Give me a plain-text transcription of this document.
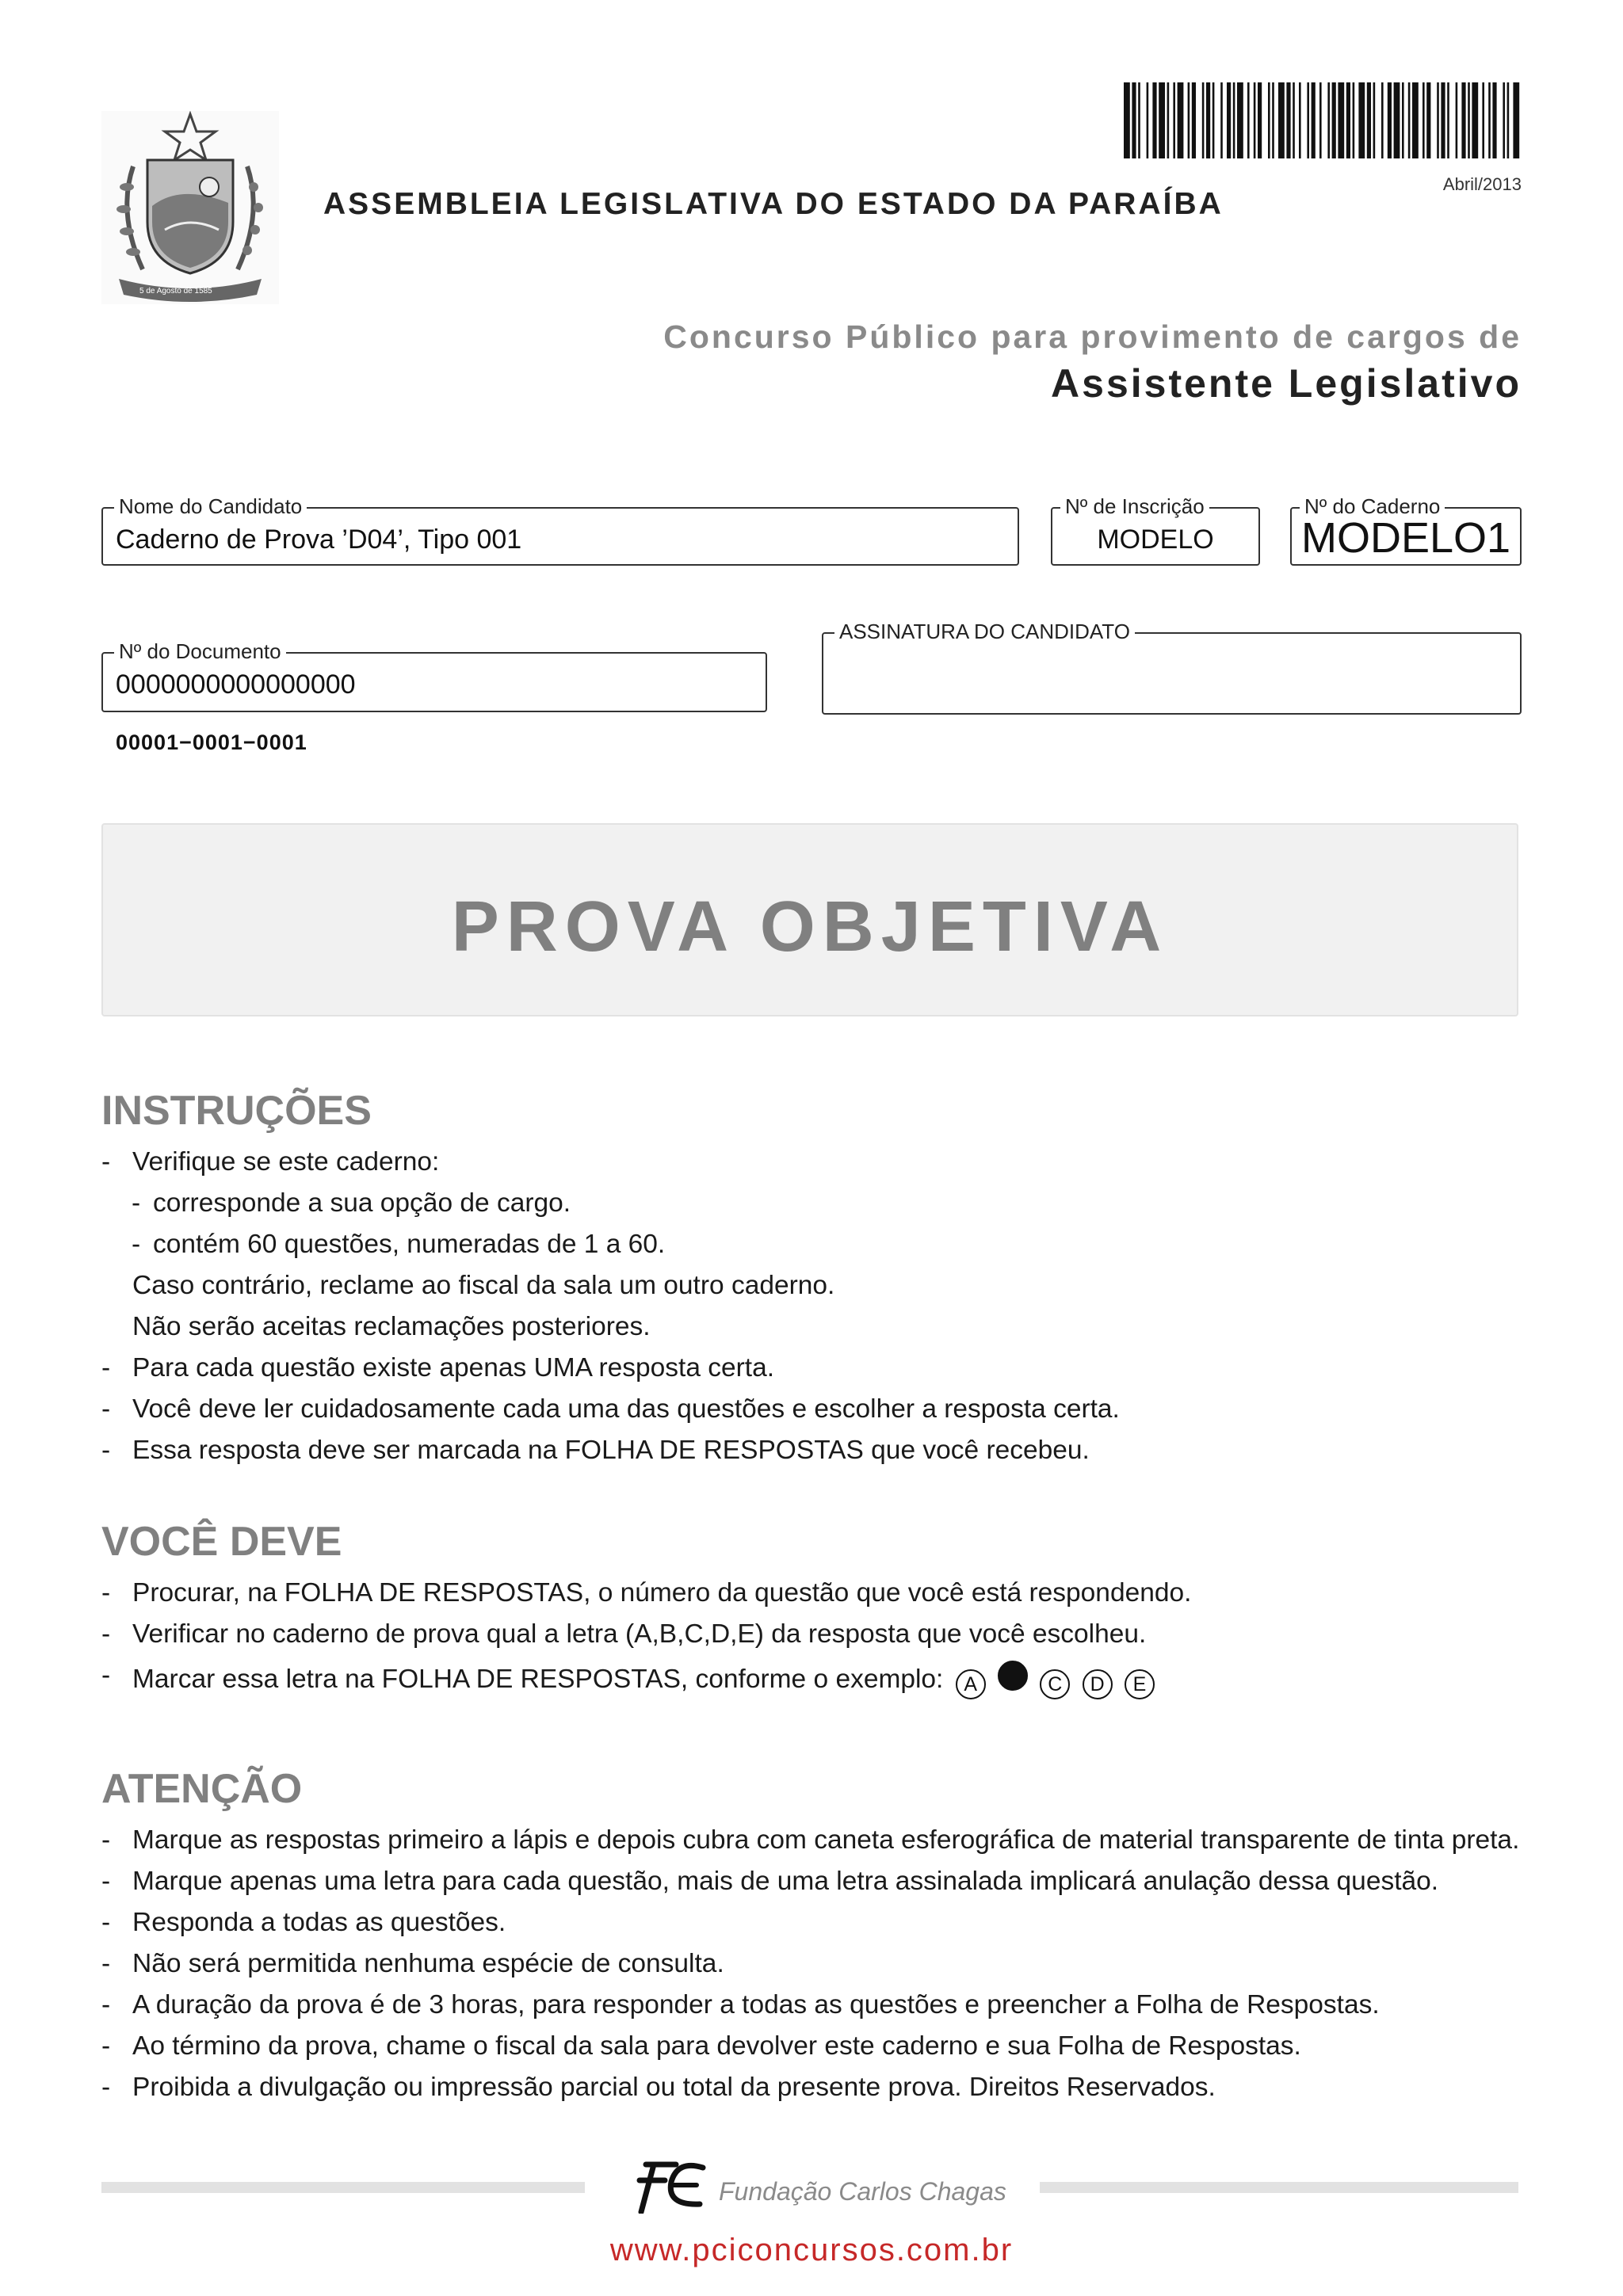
5 de Agosto de 1585
ASSEMBLEIA LEGISLATIVA DO ESTADO DA PARAÍBA
Abril/2013
Concurso Público para provimento de cargos de
Assistente Legislativo
Nome do Candidato
Caderno de Prova ’D04’, Tipo 001
Nº de Inscrição
MODELO
Nº do Caderno
MODELO1
Nº do Documento
0000000000000000
ASSINATURA DO CANDIDATO
00001−0001−0001
PROVA OBJETIVA
INSTRUÇÕES
- Verifique se este caderno:
- corresponde a sua opção de cargo.
- contém 60 questões, numeradas de 1 a 60.
Caso contrário, reclame ao fiscal da sala um outro caderno.
Não serão aceitas reclamações posteriores.
- Para cada questão existe apenas UMA resposta certa.
- Você deve ler cuidadosamente cada uma das questões e escolher a resposta certa.
- Essa resposta deve ser marcada na FOLHA DE RESPOSTAS que você recebeu.
VOCÊ DEVE
- Procurar, na FOLHA DE RESPOSTAS, o número da questão que você está respondendo.
- Verificar no caderno de prova qual a letra (A,B,C,D,E) da resposta que você escolheu.
- Marcar essa letra na FOLHA DE RESPOSTAS, conforme o exemplo: A	C D E
ATENÇÃO
- Marque as respostas primeiro a lápis e depois cubra com caneta esferográfica de material transparente de tinta preta.
- Marque apenas uma letra para cada questão, mais de uma letra assinalada implicará anulação dessa questão.
- Responda a todas as questões.
- Não será permitida nenhuma espécie de consulta.
- A duração da prova é de 3 horas, para responder a todas as questões e preencher a Folha de Respostas.
- Ao término da prova, chame o fiscal da sala para devolver este caderno e sua Folha de Respostas.
- Proibida a divulgação ou impressão parcial ou total da presente prova. Direitos Reservados.
Fundação Carlos Chagas
www.pciconcursos.com.br
